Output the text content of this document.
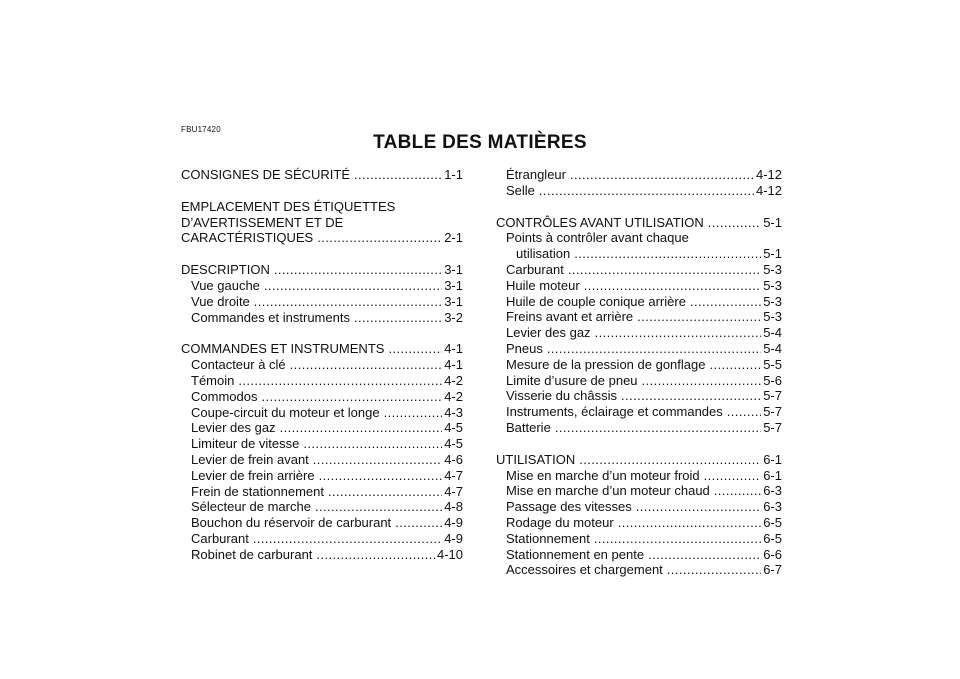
FBU17420
TABLE DES MATIÈRES
CONSIGNES DE SÉCURITÉ .....	1-1
EMPLACEMENT DES ÉTIQUETTES
D’AVERTISSEMENT ET DE
CARACTÉRISTIQUES .....	2-1
DESCRIPTION .....	3-1
Vue gauche .....	3-1
Vue droite .....	3-1
Commandes et instruments .....	3-2
COMMANDES ET INSTRUMENTS .....	4-1
Contacteur à clé .....	4-1
Témoin .....	4-2
Commodos .....	4-2
Coupe-circuit du moteur et longe .....	4-3
Levier des gaz .....	4-5
Limiteur de vitesse .....	4-5
Levier de frein avant .....	4-6
Levier de frein arrière .....	4-7
Frein de stationnement .....	4-7
Sélecteur de marche .....	4-8
Bouchon du réservoir de carburant .....	4-9
Carburant .....	4-9
Robinet de carburant .....	4-10
Étrangleur .....	4-12
Selle .....	4-12
CONTRÔLES AVANT UTILISATION .....	5-1
Points à contrôler avant chaque
utilisation .....	5-1
Carburant .....	5-3
Huile moteur .....	5-3
Huile de couple conique arrière .....	5-3
Freins avant et arrière .....	5-3
Levier des gaz .....	5-4
Pneus .....	5-4
Mesure de la pression de gonflage .....	5-5
Limite d’usure de pneu .....	5-6
Visserie du châssis .....	5-7
Instruments, éclairage et commandes .....	5-7
Batterie .....	5-7
UTILISATION .....	6-1
Mise en marche d’un moteur froid .....	6-1
Mise en marche d’un moteur chaud .....	6-3
Passage des vitesses .....	6-3
Rodage du moteur .....	6-5
Stationnement .....	6-5
Stationnement en pente .....	6-6
Accessoires et chargement .....	6-7
